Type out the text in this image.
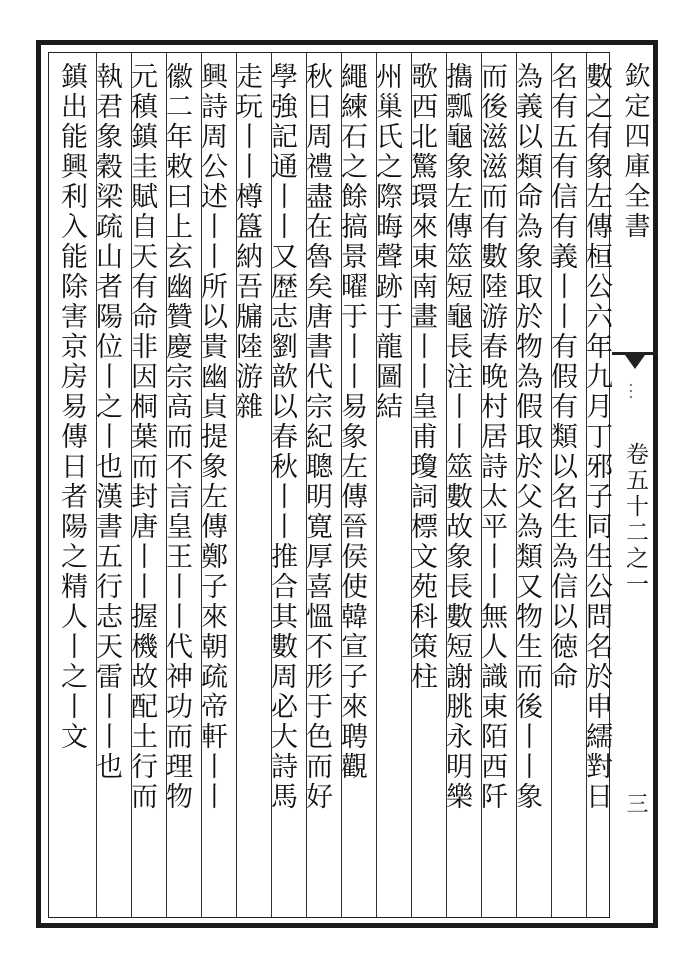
數之有象左傳桓公六年九月丁邪子同生公問名於申繻對日
名有五有信有義丨丨有假有類以名生為信以徳命
為義以類命為象取於物為假取於父為類又物生而後丨丨象
而後滋滋而有數陸游春晚村居詩太平丨丨無人識東陌西阡
㩦瓢龜象左傳筮短龜長注丨丨筮數故象長數短謝朓永明樂
歌西北驚環來東南畫丨丨皇甫瓊詞標文苑科策柱
州巢氏之際晦聲跡于龍圖結
繩練石之餘搞景曜于丨丨易象左傳晉侯使韓宣子來聘觀
秋日周禮盡在魯矣唐書代宗紀聰明寛厚喜慍不形于色而好
學強記通丨丨又歴志劉歆以春秋丨丨推合其數周必大詩馬
走玩丨丨樽簋納吾牖陸游雜
興詩周公述丨丨所以貴幽貞提象左傳鄭子來朝疏帝軒丨丨
徽二年敕曰上玄幽贊慶宗高而不言皇王丨丨代神功而理物
元稹鎮圭賦自天有命非因桐葉而封唐丨丨握機故配土行而
執君象穀梁疏山者陽位丨之丨也漢書五行志天雷丨丨也
鎮出能興利入能除害京房易傳日者陽之精人丨之丨文	欽定四庫全書
…
卷五十二之一
三
